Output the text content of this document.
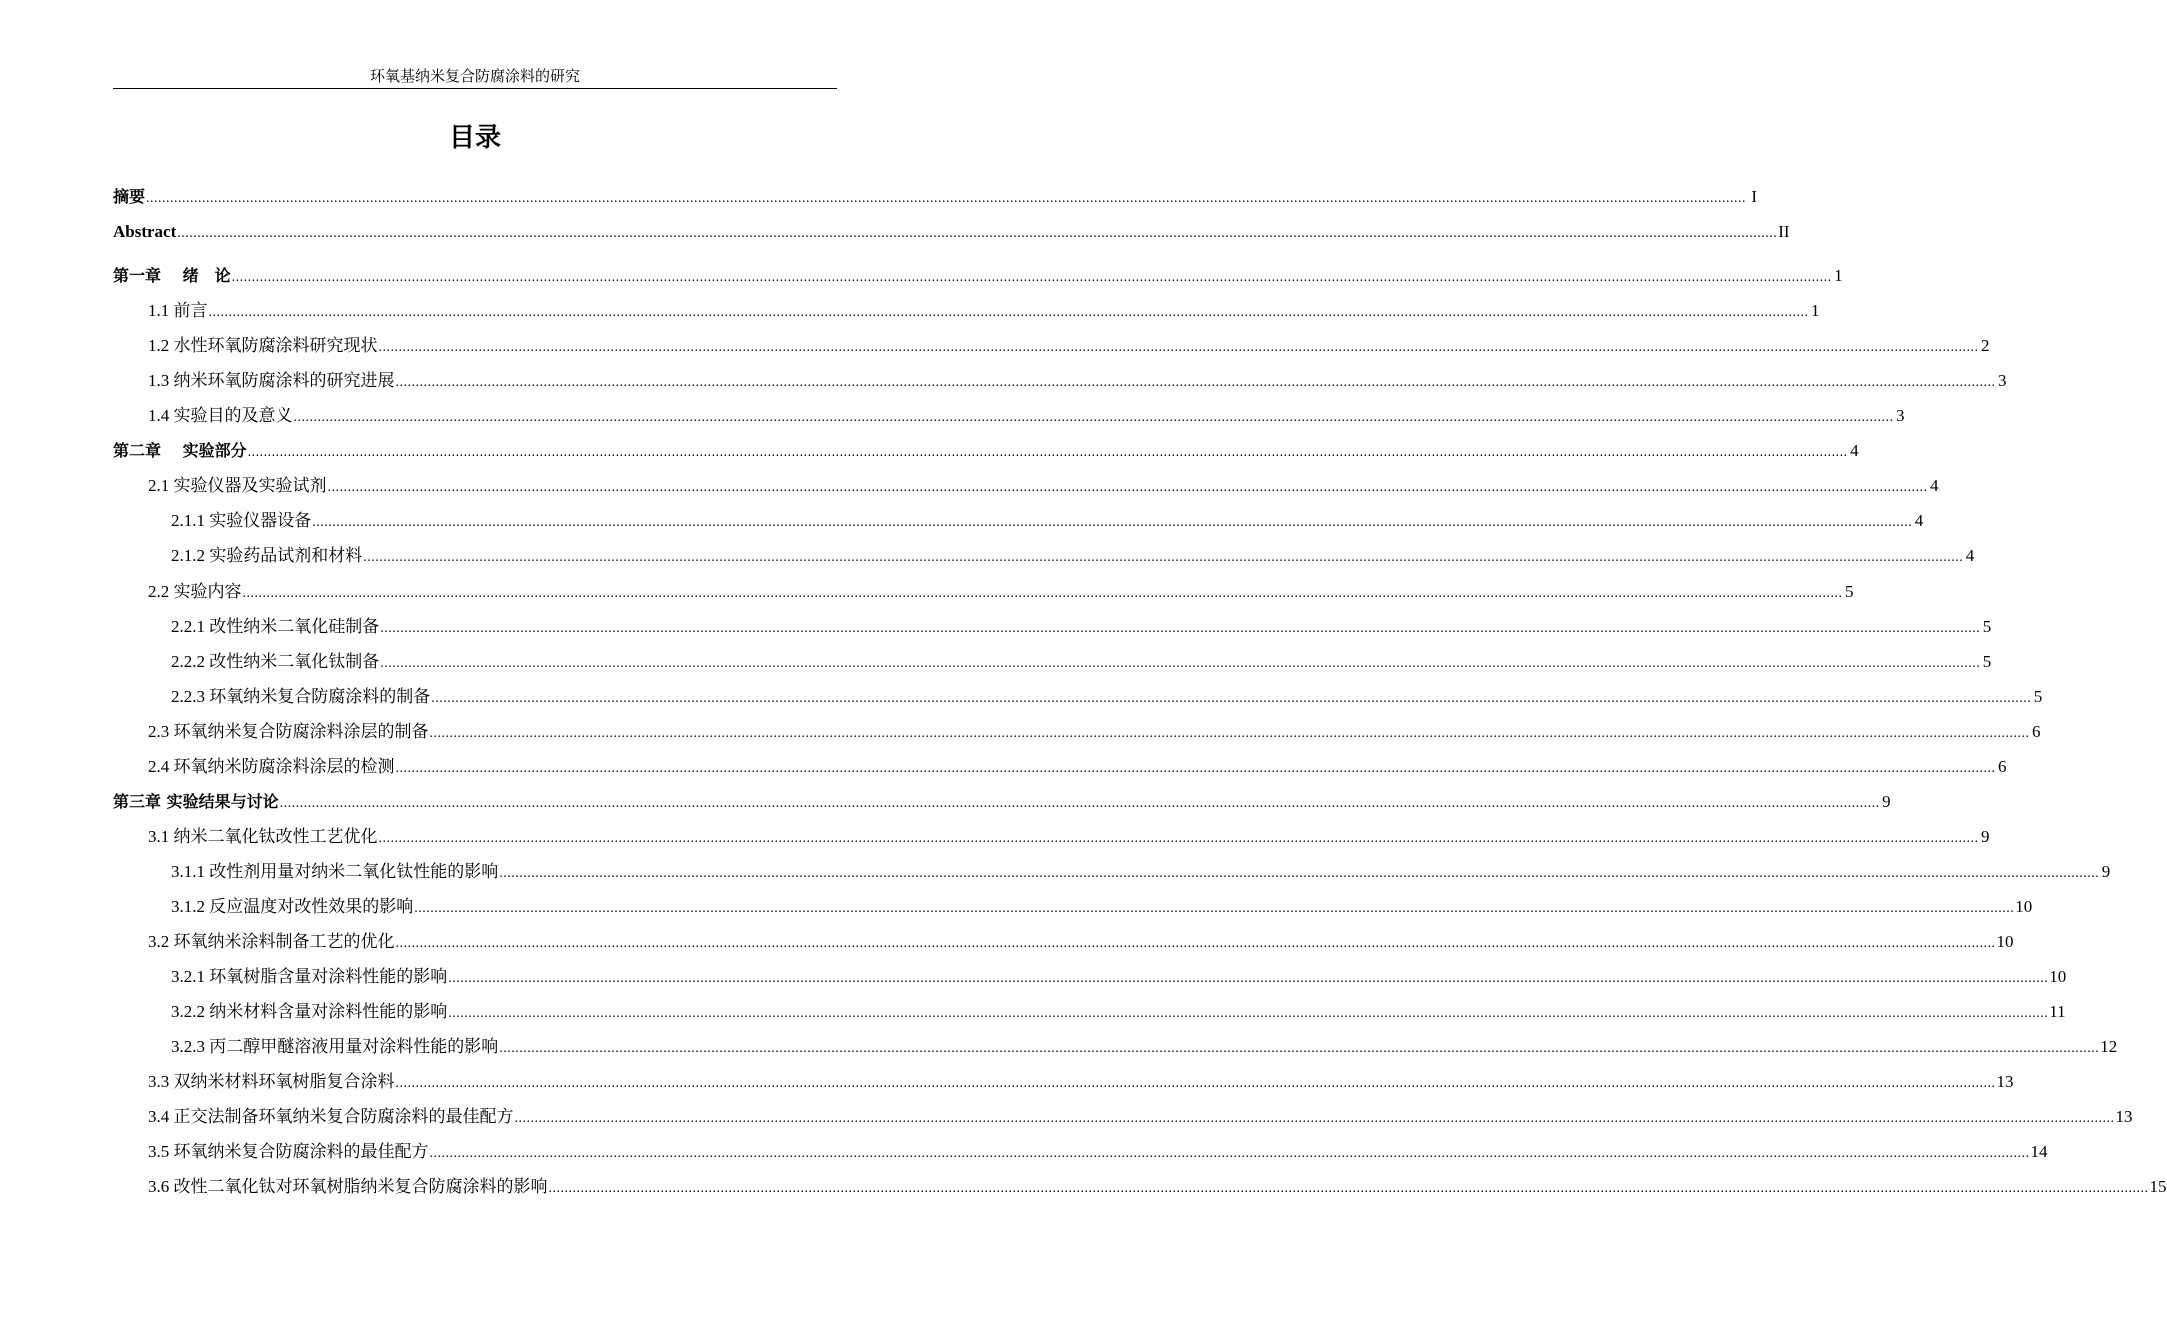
环氧基纳米复合防腐涂料的研究
目录
摘要 ................................................................................................................................................................................................................................................................................................................................................................................................................ I
Abstract ................................................................................................................................................................................................................................................................................................................................................................................................................ II
第一章　 绪　论 ................................................................................................................................................................................................................................................................................................................................................................................................................ 1
1.1 前言 ................................................................................................................................................................................................................................................................................................................................................................................................................ 1
1.2 水性环氧防腐涂料研究现状 ................................................................................................................................................................................................................................................................................................................................................................................................................ 2
1.3 纳米环氧防腐涂料的研究进展 ................................................................................................................................................................................................................................................................................................................................................................................................................ 3
1.4 实验目的及意义 ................................................................................................................................................................................................................................................................................................................................................................................................................ 3
第二章　 实验部分 ................................................................................................................................................................................................................................................................................................................................................................................................................ 4
2.1 实验仪器及实验试剂 ................................................................................................................................................................................................................................................................................................................................................................................................................ 4
2.1.1 实验仪器设备 ................................................................................................................................................................................................................................................................................................................................................................................................................ 4
2.1.2 实验药品试剂和材料 ................................................................................................................................................................................................................................................................................................................................................................................................................ 4
2.2 实验内容 ................................................................................................................................................................................................................................................................................................................................................................................................................ 5
2.2.1 改性纳米二氧化硅制备 ................................................................................................................................................................................................................................................................................................................................................................................................................ 5
2.2.2 改性纳米二氧化钛制备 ................................................................................................................................................................................................................................................................................................................................................................................................................ 5
2.2.3 环氧纳米复合防腐涂料的制备 ................................................................................................................................................................................................................................................................................................................................................................................................................ 5
2.3 环氧纳米复合防腐涂料涂层的制备 ................................................................................................................................................................................................................................................................................................................................................................................................................ 6
2.4 环氧纳米防腐涂料涂层的检测 ................................................................................................................................................................................................................................................................................................................................................................................................................ 6
第三章 实验结果与讨论 ................................................................................................................................................................................................................................................................................................................................................................................................................ 9
3.1 纳米二氧化钛改性工艺优化 ................................................................................................................................................................................................................................................................................................................................................................................................................ 9
3.1.1 改性剂用量对纳米二氧化钛性能的影响 ................................................................................................................................................................................................................................................................................................................................................................................................................ 9
3.1.2 反应温度对改性效果的影响 ................................................................................................................................................................................................................................................................................................................................................................................................................ 10
3.2 环氧纳米涂料制备工艺的优化 ................................................................................................................................................................................................................................................................................................................................................................................................................ 10
3.2.1 环氧树脂含量对涂料性能的影响 ................................................................................................................................................................................................................................................................................................................................................................................................................ 10
3.2.2 纳米材料含量对涂料性能的影响 ................................................................................................................................................................................................................................................................................................................................................................................................................ 11
3.2.3 丙二醇甲醚溶液用量对涂料性能的影响 ................................................................................................................................................................................................................................................................................................................................................................................................................ 12
3.3 双纳米材料环氧树脂复合涂料 ................................................................................................................................................................................................................................................................................................................................................................................................................ 13
3.4 正交法制备环氧纳米复合防腐涂料的最佳配方 ................................................................................................................................................................................................................................................................................................................................................................................................................ 13
3.5 环氧纳米复合防腐涂料的最佳配方 ................................................................................................................................................................................................................................................................................................................................................................................................................ 14
3.6 改性二氧化钛对环氧树脂纳米复合防腐涂料的影响 ................................................................................................................................................................................................................................................................................................................................................................................................................ 15
